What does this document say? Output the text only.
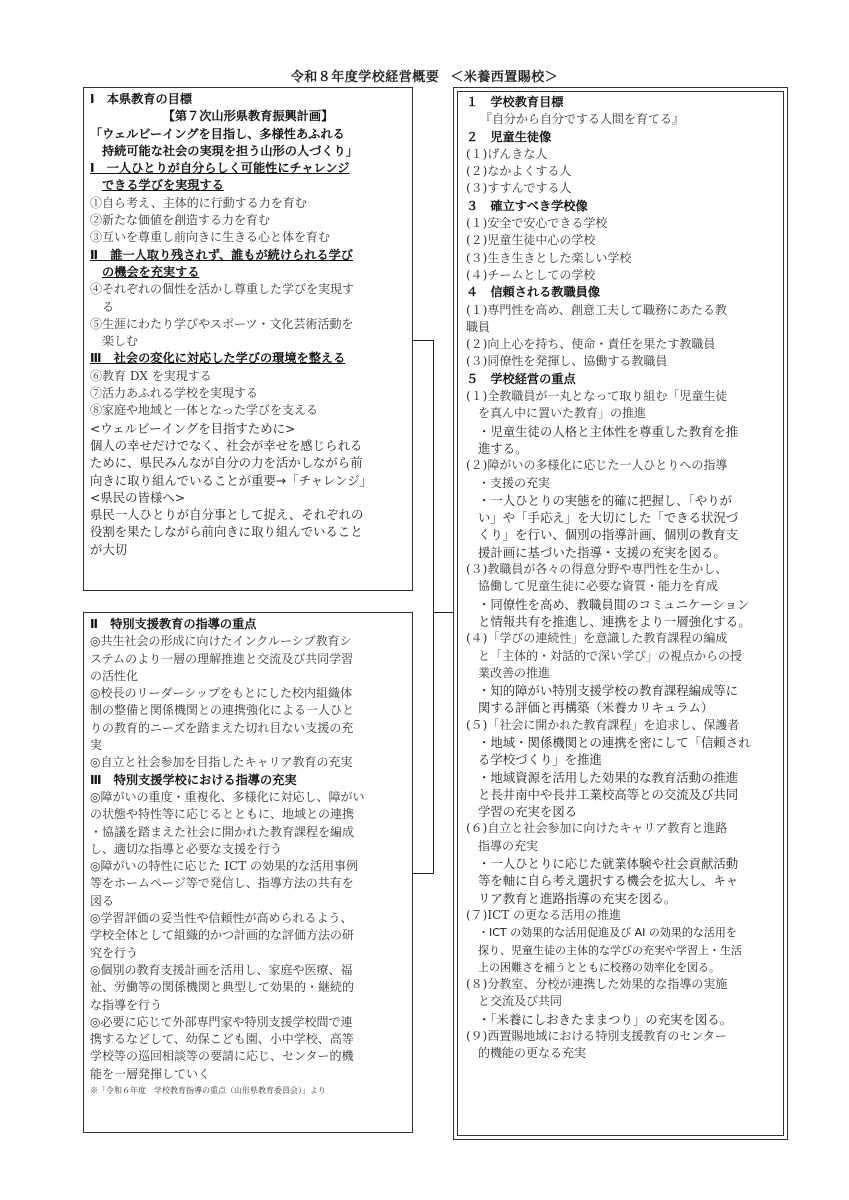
令和８年度学校経営概要 ＜米養西置賜校＞
Ⅰ　本県教育の目標
【第７次山形県教育振興計画】
「ウェルビーイングを目指し、多様性あふれる
持続可能な社会の実現を担う山形の人づくり」
Ⅰ　一人ひとりが自分らしく可能性にチャレンジ
できる学びを実現する
①自ら考え、主体的に行動する力を育む
②新たな価値を創造する力を育む
③互いを尊重し前向きに生きる心と体を育む
Ⅱ　誰一人取り残されず、誰もが続けられる学び
の機会を充実する
④それぞれの個性を活かし尊重した学びを実現す
る
⑤生涯にわたり学びやスポーツ・文化芸術活動を
楽しむ
Ⅲ　社会の変化に対応した学びの環境を整える
⑥教育 DX を実現する
⑦活力あふれる学校を実現する
⑧家庭や地域と一体となった学びを支える
<ウェルビーイングを目指すために>
個人の幸せだけでなく、社会が幸せを感じられる
ために、県民みんなが自分の力を活かしながら前
向きに取り組んでいることが重要→「チャレンジ」
<県民の皆様へ>
県民一人ひとりが自分事として捉え、それぞれの
役割を果たしながら前向きに取り組んでいること
が大切
Ⅱ　特別支援教育の指導の重点
◎共生社会の形成に向けたインクルーシブ教育シ
ステムのより一層の理解推進と交流及び共同学習
の活性化
◎校長のリーダーシップをもとにした校内組織体
制の整備と関係機関との連携強化による一人ひと
りの教育的ニーズを踏まえた切れ目ない支援の充
実
◎自立と社会参加を目指したキャリア教育の充実
Ⅲ　特別支援学校における指導の充実
◎障がいの重度・重複化、多様化に対応し、障がい
の状態や特性等に応じるとともに、地域との連携
・協議を踏まえた社会に開かれた教育課程を編成
し、適切な指導と必要な支援を行う
◎障がいの特性に応じた ICT の効果的な活用事例
等をホームページ等で発信し、指導方法の共有を
図る
◎学習評価の妥当性や信頼性が高められるよう、
学校全体として組織的かつ計画的な評価方法の研
究を行う
◎個別の教育支援計画を活用し、家庭や医療、福
祉、労働等の関係機関と典型して効果的・継続的
な指導を行う
◎必要に応じて外部専門家や特別支援学校間で連
携するなどして、幼保こども園、小中学校、高等
学校等の巡回相談等の要請に応じ、センター的機
能を一層発揮していく
※「令和６年度　学校教育指導の重点（山形県教育委員会）」より
１　学校教育目標
『自分から自分でする人間を育てる』
２　児童生徒像
(１)げんきな人
(２)なかよくする人
(３)すすんでする人
３　確立すべき学校像
(１)安全で安心できる学校
(２)児童生徒中心の学校
(３)生き生きとした楽しい学校
(４)チームとしての学校
４　信頼される教職員像
(１)専門性を高め、創意工夫して職務にあたる教
職員
(２)向上心を持ち、使命・責任を果たす教職員
(３)同僚性を発揮し、協働する教職員
５　学校経営の重点
(１)全教職員が一丸となって取り組む「児童生徒
を真ん中に置いた教育」の推進
・児童生徒の人格と主体性を尊重した教育を推
進する。
(２)障がいの多様化に応じた一人ひとりへの指導
・支援の充実
・一人ひとりの実態を的確に把握し、「やりが
い」や「手応え」を大切にした「できる状況づ
くり」を行い、個別の指導計画、個別の教育支
援計画に基づいた指導・支援の充実を図る。
(３)教職員が各々の得意分野や専門性を生かし、
協働して児童生徒に必要な資質・能力を育成
・同僚性を高め、教職員間のコミュニケーション
と情報共有を推進し、連携をより一層強化する。
(４)「学びの連続性」を意識した教育課程の編成
と「主体的・対話的で深い学び」の視点からの授
業改善の推進
・知的障がい特別支援学校の教育課程編成等に
関する評価と再構築（米養カリキュラム）
(５)「社会に開かれた教育課程」を追求し、保護者
・地域・関係機関との連携を密にして「信頼され
る学校づくり」を推進
・地域資源を活用した効果的な教育活動の推進
と長井南中や長井工業校高等との交流及び共同
学習の充実を図る
(６)自立と社会参加に向けたキャリア教育と進路
指導の充実
・一人ひとりに応じた就業体験や社会貢献活動
等を軸に自ら考え選択する機会を拡大し、キャ
リア教育と進路指導の充実を図る。
(７)ICT の更なる活用の推進
・ICT の効果的な活用促進及び AI の効果的な活用を
探り、児童生徒の主体的な学びの充実や学習上・生活
上の困難さを補うとともに校務の効率化を図る。
(８)分教室、分校が連携した効果的な指導の実施
と交流及び共同
・「米養にしおきたままつり」の充実を図る。
(９)西置賜地域における特別支援教育のセンター
的機能の更なる充実
